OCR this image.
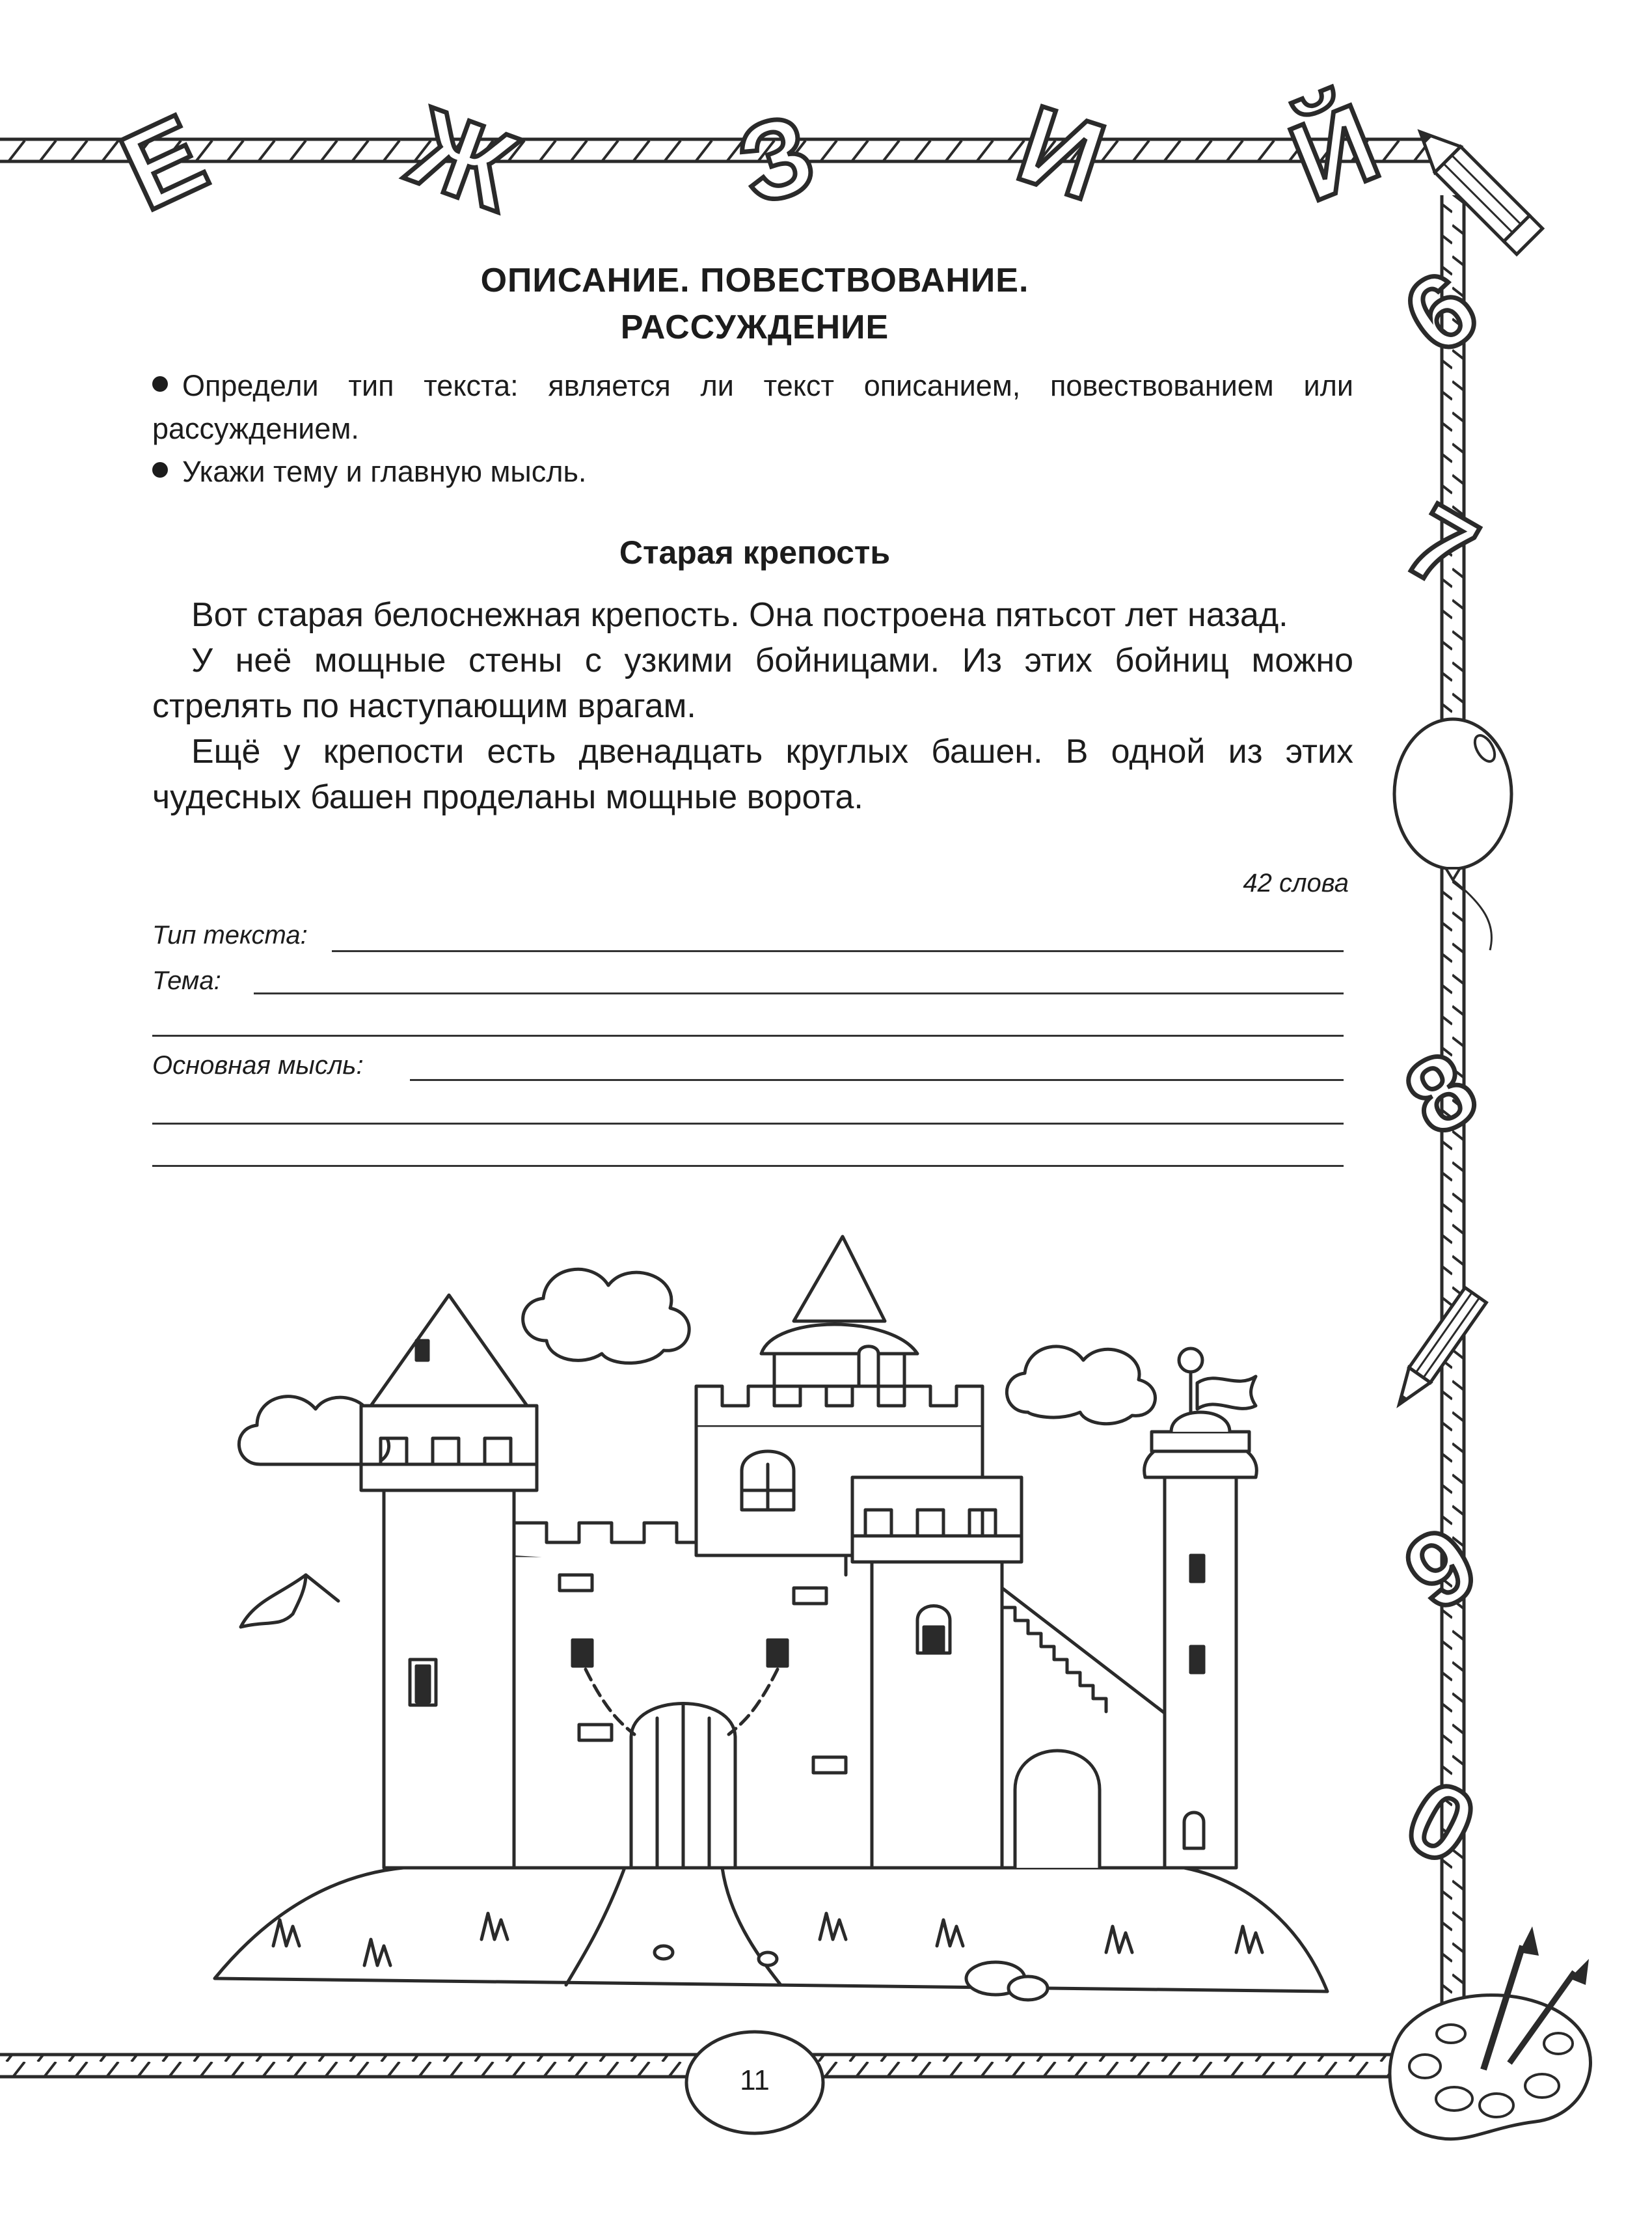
Е Ж З И Й
6
7
8
9
0
ОПИСАНИЕ. ПОВЕСТВОВАНИЕ.
РАССУЖДЕНИЕ
Определи тип текста: является ли текст описанием, повествованием или рассуждением.
Укажи тему и главную мысль.
Старая крепость

Вот старая белоснежная крепость. Она построена пятьсот лет назад.

У неё мощные стены с узкими бойницами. Из этих бойниц можно стрелять по наступающим врагам.

Ещё у крепости есть двенадцать круглых башен. В одной из этих чудесных башен проделаны мощные ворота.

42 слова
Тип текста:
Тема:
Основная мысль:
11
